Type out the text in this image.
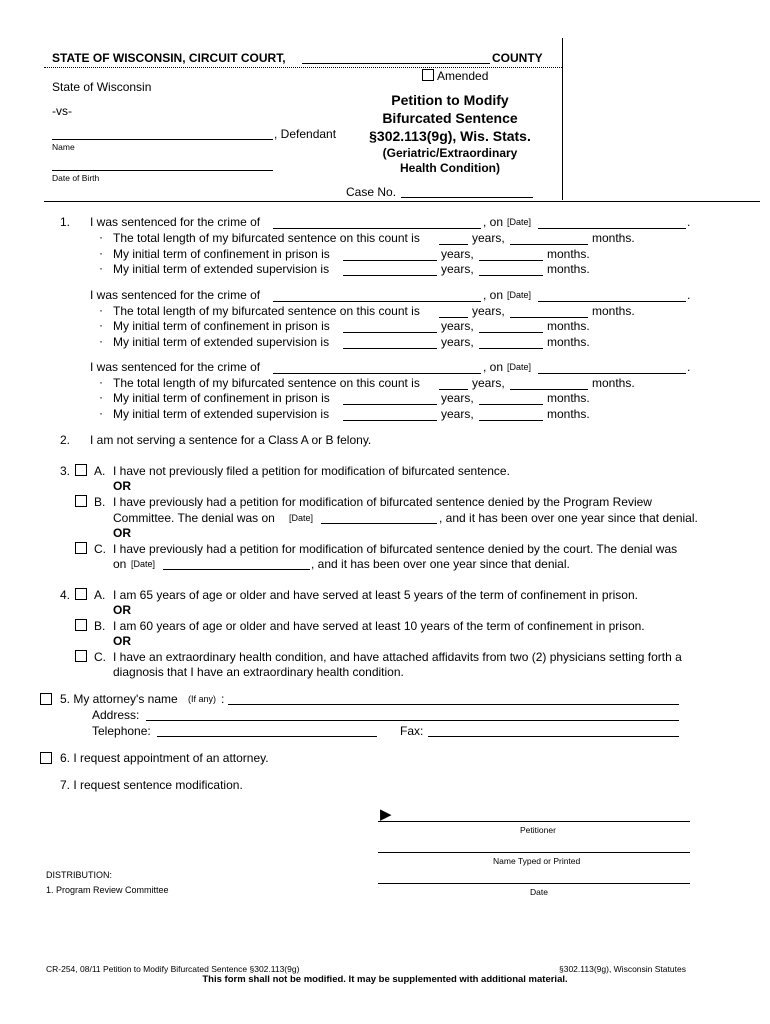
STATE OF WISCONSIN, CIRCUIT COURT,	COUNTY
Amended
State of Wisconsin
-vs-
, Defendant
Name
Date of Birth
Petition to Modify
Bifurcated Sentence
§302.113(9g), Wis. Stats.
(Geriatric/Extraordinary
Health Condition)
Case No.
1. I was sentenced for the crime of	, on [Date]	.
· The total length of my bifurcated sentence on this count is	years,	months.
· My initial term of confinement in prison is	years,	months.
· My initial term of extended supervision is	years,	months.
I was sentenced for the crime of	, on [Date]	.
· The total length of my bifurcated sentence on this count is	years,	months.
· My initial term of confinement in prison is	years,	months.
· My initial term of extended supervision is	years,	months.
I was sentenced for the crime of	, on [Date]	.
· The total length of my bifurcated sentence on this count is	years,	months.
· My initial term of confinement in prison is	years,	months.
· My initial term of extended supervision is	years,	months.
2. I am not serving a sentence for a Class A or B felony.
3. A. I have not previously filed a petition for modification of bifurcated sentence.
OR
B. I have previously had a petition for modification of bifurcated sentence denied by the Program Review
Committee. The denial was on [Date]	, and it has been over one year since that denial.
OR
C. I have previously had a petition for modification of bifurcated sentence denied by the court. The denial was
on [Date]	, and it has been over one year since that denial.
4. A. I am 65 years of age or older and have served at least 5 years of the term of confinement in prison.
OR
B. I am 60 years of age or older and have served at least 10 years of the term of confinement in prison.
OR
C. I have an extraordinary health condition, and have attached affidavits from two (2) physicians setting forth a
diagnosis that I have an extraordinary health condition.
5. My attorney's name (If any) :
Address:
Telephone:	Fax:
6. I request appointment of an attorney.
7. I request sentence modification.
▶
Petitioner
Name Typed or Printed
Date
DISTRIBUTION:
1. Program Review Committee
CR-254, 08/11 Petition to Modify Bifurcated Sentence §302.113(9g)	§302.113(9g), Wisconsin Statutes
This form shall not be modified. It may be supplemented with additional material.
